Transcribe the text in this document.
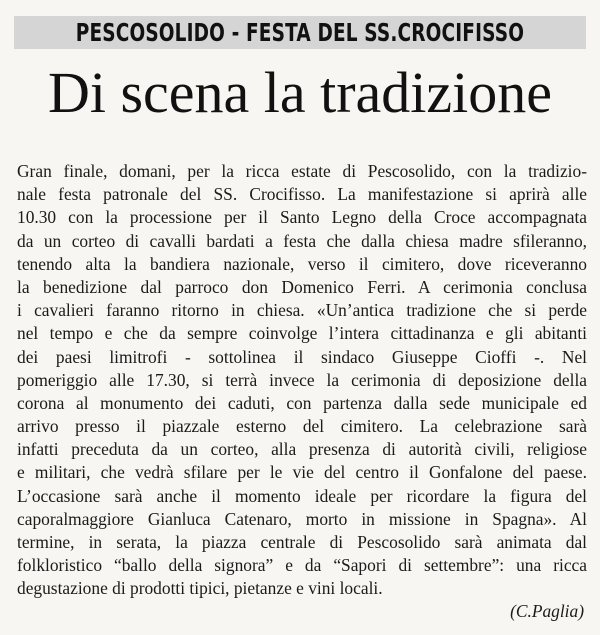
PESCOSOLIDO - FESTA DEL SS.CROCIFISSO
Di scena la tradizione
Gran finale, domani, per la ricca estate di Pescosolido, con la tradizio-
nale festa patronale del SS. Crocifisso. La manifestazione si aprirà alle
10.30 con la processione per il Santo Legno della Croce accompagnata
da un corteo di cavalli bardati a festa che dalla chiesa madre sfileranno,
tenendo alta la bandiera nazionale, verso il cimitero, dove riceveranno
la benedizione dal parroco don Domenico Ferri. A cerimonia conclusa
i cavalieri faranno ritorno in chiesa. «Un’antica tradizione che si perde
nel tempo e che da sempre coinvolge l’intera cittadinanza e gli abitanti
dei paesi limitrofi - sottolinea il sindaco Giuseppe Cioffi -. Nel
pomeriggio alle 17.30, si terrà invece la cerimonia di deposizione della
corona al monumento dei caduti, con partenza dalla sede municipale ed
arrivo presso il piazzale esterno del cimitero. La celebrazione sarà
infatti preceduta da un corteo, alla presenza di autorità civili, religiose
e militari, che vedrà sfilare per le vie del centro il Gonfalone del paese.
L’occasione sarà anche il momento ideale per ricordare la figura del
caporalmaggiore Gianluca Catenaro, morto in missione in Spagna». Al
termine, in serata, la piazza centrale di Pescosolido sarà animata dal
folkloristico “ballo della signora” e da “Sapori di settembre”: una ricca
degustazione di prodotti tipici, pietanze e vini locali.
(C.Paglia)
